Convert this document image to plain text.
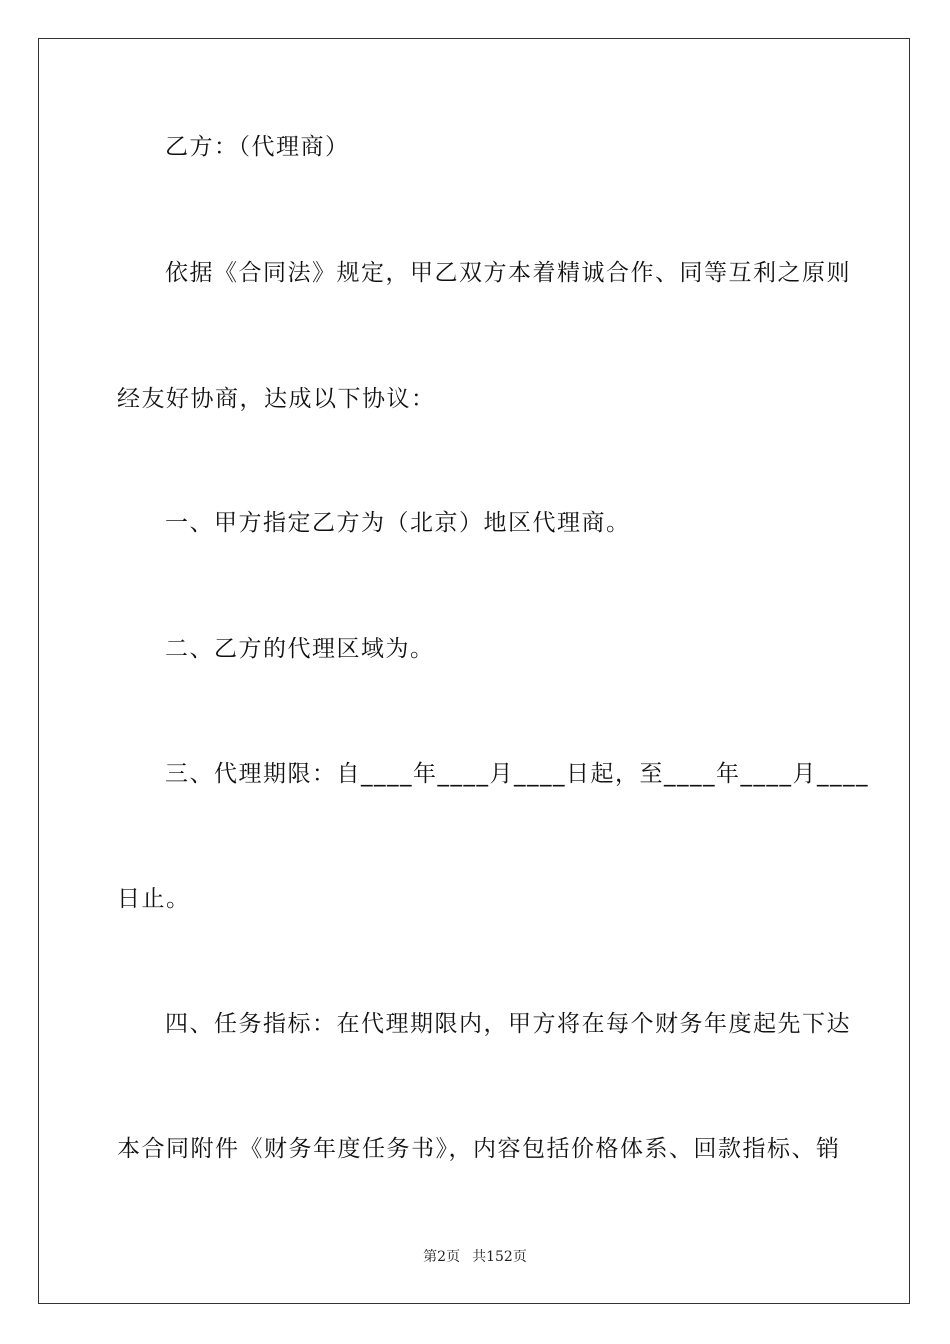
乙方：（代理商）
依据《合同法》规定，甲乙双方本着精诚合作、同等互利之原则
经友好协商，达成以下协议：
一、甲方指定乙方为（北京）地区代理商。
二、乙方的代理区域为。
三、代理期限：自____年____月____日起，至____年____月____
日止。
四、任务指标：在代理期限内，甲方将在每个财务年度起先下达
本合同附件《财务年度任务书》，内容包括价格体系、回款指标、销
第2页 共152页
